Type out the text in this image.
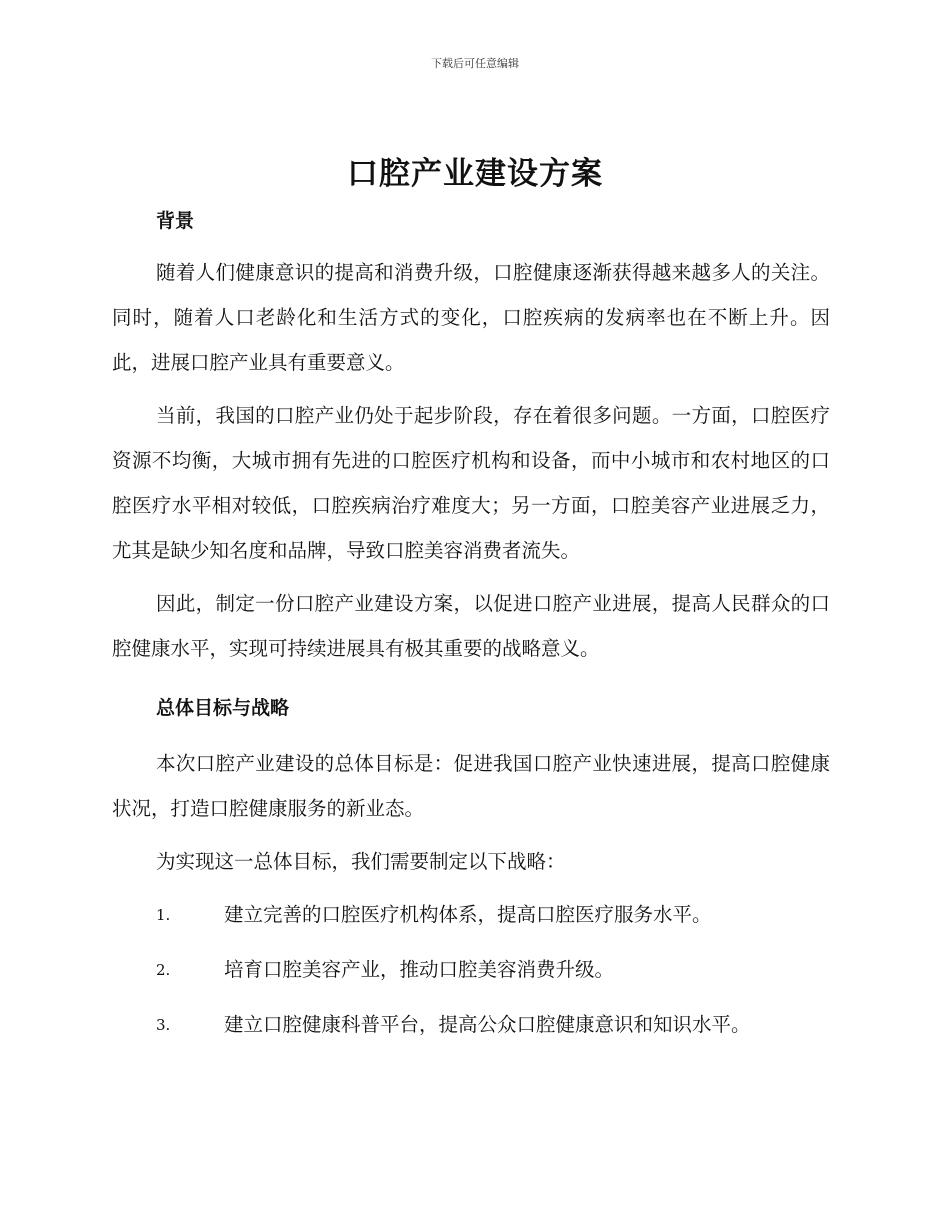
下载后可任意编辑
口腔产业建设方案
背景

随着人们健康意识的提高和消费升级，口腔健康逐渐获得越来越多人的关注。同时，随着人口老龄化和生活方式的变化，口腔疾病的发病率也在不断上升。因此，进展口腔产业具有重要意义。

当前，我国的口腔产业仍处于起步阶段，存在着很多问题。一方面，口腔医疗资源不均衡，大城市拥有先进的口腔医疗机构和设备，而中小城市和农村地区的口腔医疗水平相对较低，口腔疾病治疗难度大；另一方面，口腔美容产业进展乏力，尤其是缺少知名度和品牌，导致口腔美容消费者流失。

因此，制定一份口腔产业建设方案，以促进口腔产业进展，提高人民群众的口腔健康水平，实现可持续进展具有极其重要的战略意义。

总体目标与战略

本次口腔产业建设的总体目标是：促进我国口腔产业快速进展，提高口腔健康状况，打造口腔健康服务的新业态。

为实现这一总体目标，我们需要制定以下战略：

1.	建立完善的口腔医疗机构体系，提高口腔医疗服务水平。
2.	培育口腔美容产业，推动口腔美容消费升级。
3.	建立口腔健康科普平台，提高公众口腔健康意识和知识水平。
